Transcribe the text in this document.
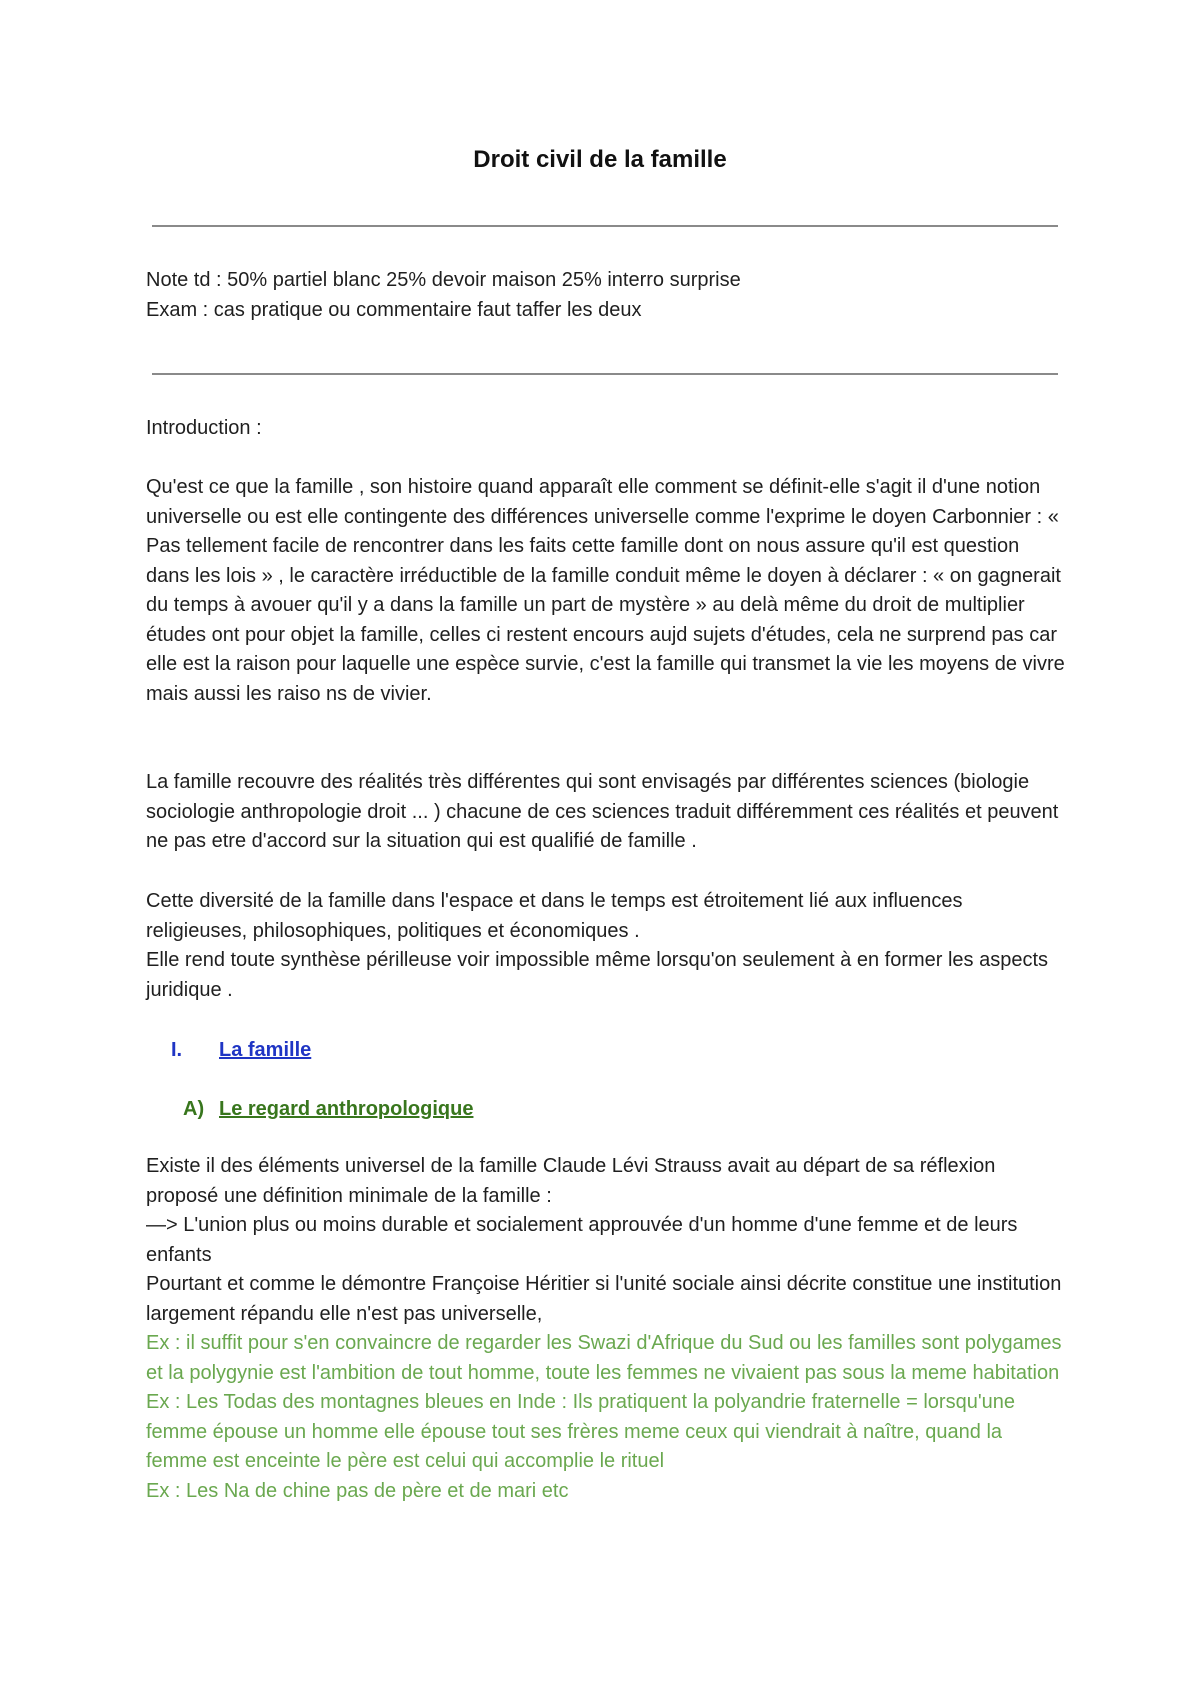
Droit civil de la famille

Note td : 50% partiel blanc 25% devoir maison 25% interro surprise

Exam : cas pratique ou commentaire faut taffer les deux

Introduction :
Qu'est ce que la famille , son histoire quand apparaît elle comment se définit-elle s'agit il d'une notion universelle ou est elle contingente des différences universelle comme l'exprime le doyen Carbonnier : « Pas tellement facile de rencontrer dans les faits cette famille dont on nous assure qu'il est question dans les lois » , le caractère irréductible de la famille conduit même le doyen à déclarer : « on gagnerait du temps à avouer qu'il y a dans la famille un part de mystère » au delà même du droit de multiplier études ont pour objet la famille, celles ci restent encours aujd sujets d'études, cela ne surprend pas car elle est la raison pour laquelle une espèce survie, c'est la famille qui transmet la vie les moyens de vivre mais aussi les raiso ns de vivier.
La famille recouvre des réalités très différentes qui sont envisagés par différentes sciences (biologie sociologie anthropologie droit ... ) chacune de ces sciences traduit différemment ces réalités et peuvent ne pas etre d'accord sur la situation qui est qualifié de famille .

Cette diversité de la famille dans l'espace et dans le temps est étroitement lié aux influences religieuses, philosophiques, politiques et économiques .

Elle rend toute synthèse périlleuse voir impossible même lorsqu'on seulement à en former les aspects juridique .

I. La famille
A) Le regard anthropologique

Existe il des éléments universel de la famille Claude Lévi Strauss avait au départ de sa réflexion proposé une définition minimale de la famille :

—> L'union plus ou moins durable et socialement approuvée d'un homme d'une femme et de leurs enfants

Pourtant et comme le démontre Françoise Héritier si l'unité sociale ainsi décrite constitue une institution largement répandu elle n'est pas universelle,

Ex : il suffit pour s'en convaincre de regarder les Swazi d'Afrique du Sud ou les familles sont polygames et la polygynie est l'ambition de tout homme, toute les femmes ne vivaient pas sous la meme habitation

Ex : Les Todas des montagnes bleues en Inde : Ils pratiquent la polyandrie fraternelle = lorsqu'une femme épouse un homme elle épouse tout ses frères meme ceux qui viendrait à naître, quand la femme est enceinte le père est celui qui accomplie le rituel

Ex : Les Na de chine pas de père et de mari etc
